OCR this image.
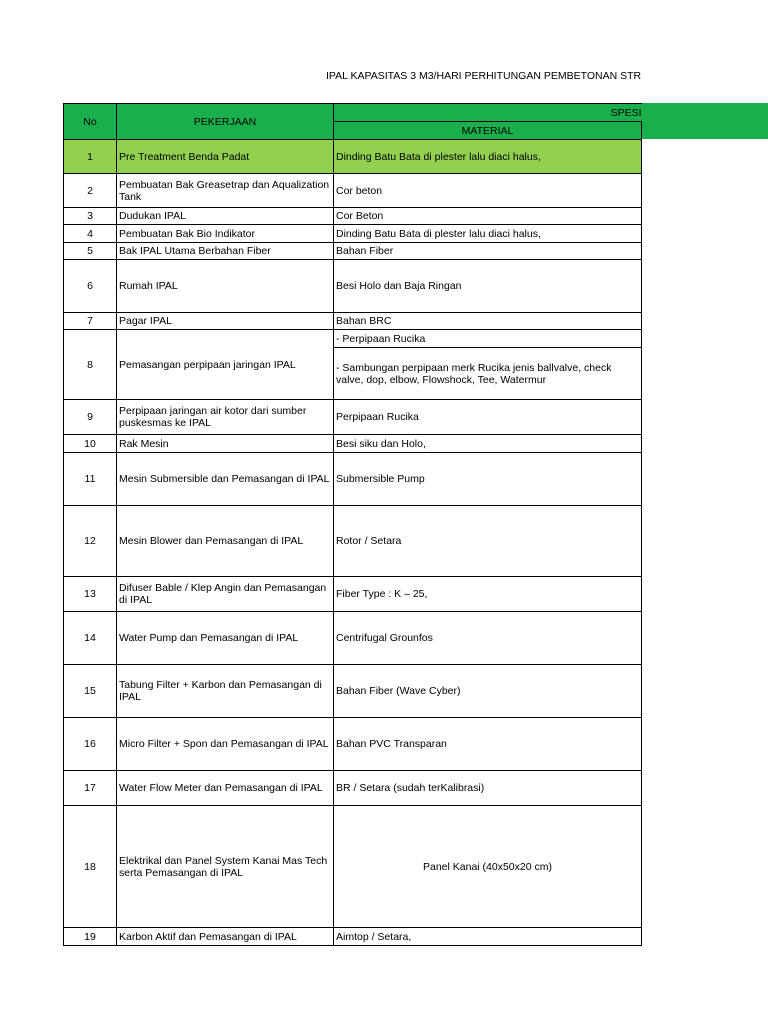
IPAL KAPASITAS 3 M3/HARI PERHITUNGAN PEMBETONAN STR
No	PEKERJAAN	SPESI
		MATERIAL
1	Pre Treatment Benda Padat	Dinding Batu Bata di plester lalu diaci halus,
2	Pembuatan Bak Greasetrap dan Aqualization Tank	Cor beton
3	Dudukan IPAL	Cor Beton
4	Pembuatan Bak Bio Indikator	Dinding Batu Bata di plester lalu diaci halus,
5	Bak IPAL Utama Berbahan Fiber	Bahan Fiber
6	Rumah IPAL	Besi Holo dan Baja Ringan
7	Pagar IPAL	Bahan BRC
8	Pemasangan perpipaan jaringan IPAL	- Perpipaan Rucika
		- Sambungan perpipaan merk Rucika jenis ballvalve, check valve, dop, elbow, Flowshock, Tee, Watermur
9	Perpipaan jaringan air kotor dari sumber puskesmas ke IPAL	Perpipaan Rucika
10	Rak Mesin	Besi siku dan Holo,
11	Mesin Submersible dan Pemasangan di IPAL	Submersible Pump
12	Mesin Blower dan Pemasangan di IPAL	Rotor / Setara
13	Difuser Bable / Klep Angin dan Pemasangan di IPAL	Fiber Type : K – 25,
14	Water Pump dan Pemasangan di IPAL	Centrifugal Grounfos
15	Tabung Filter + Karbon dan Pemasangan di IPAL	Bahan Fiber (Wave Cyber)
16	Micro Filter + Spon dan Pemasangan di IPAL	Bahan PVC Transparan
17	Water Flow Meter dan Pemasangan di IPAL	BR / Setara (sudah terKalibrasi)
18	Elektrikal dan Panel System Kanai Mas Tech serta Pemasangan di IPAL	Panel Kanai (40x50x20 cm)
19	Karbon Aktif dan Pemasangan di IPAL	Aimtop / Setara,
